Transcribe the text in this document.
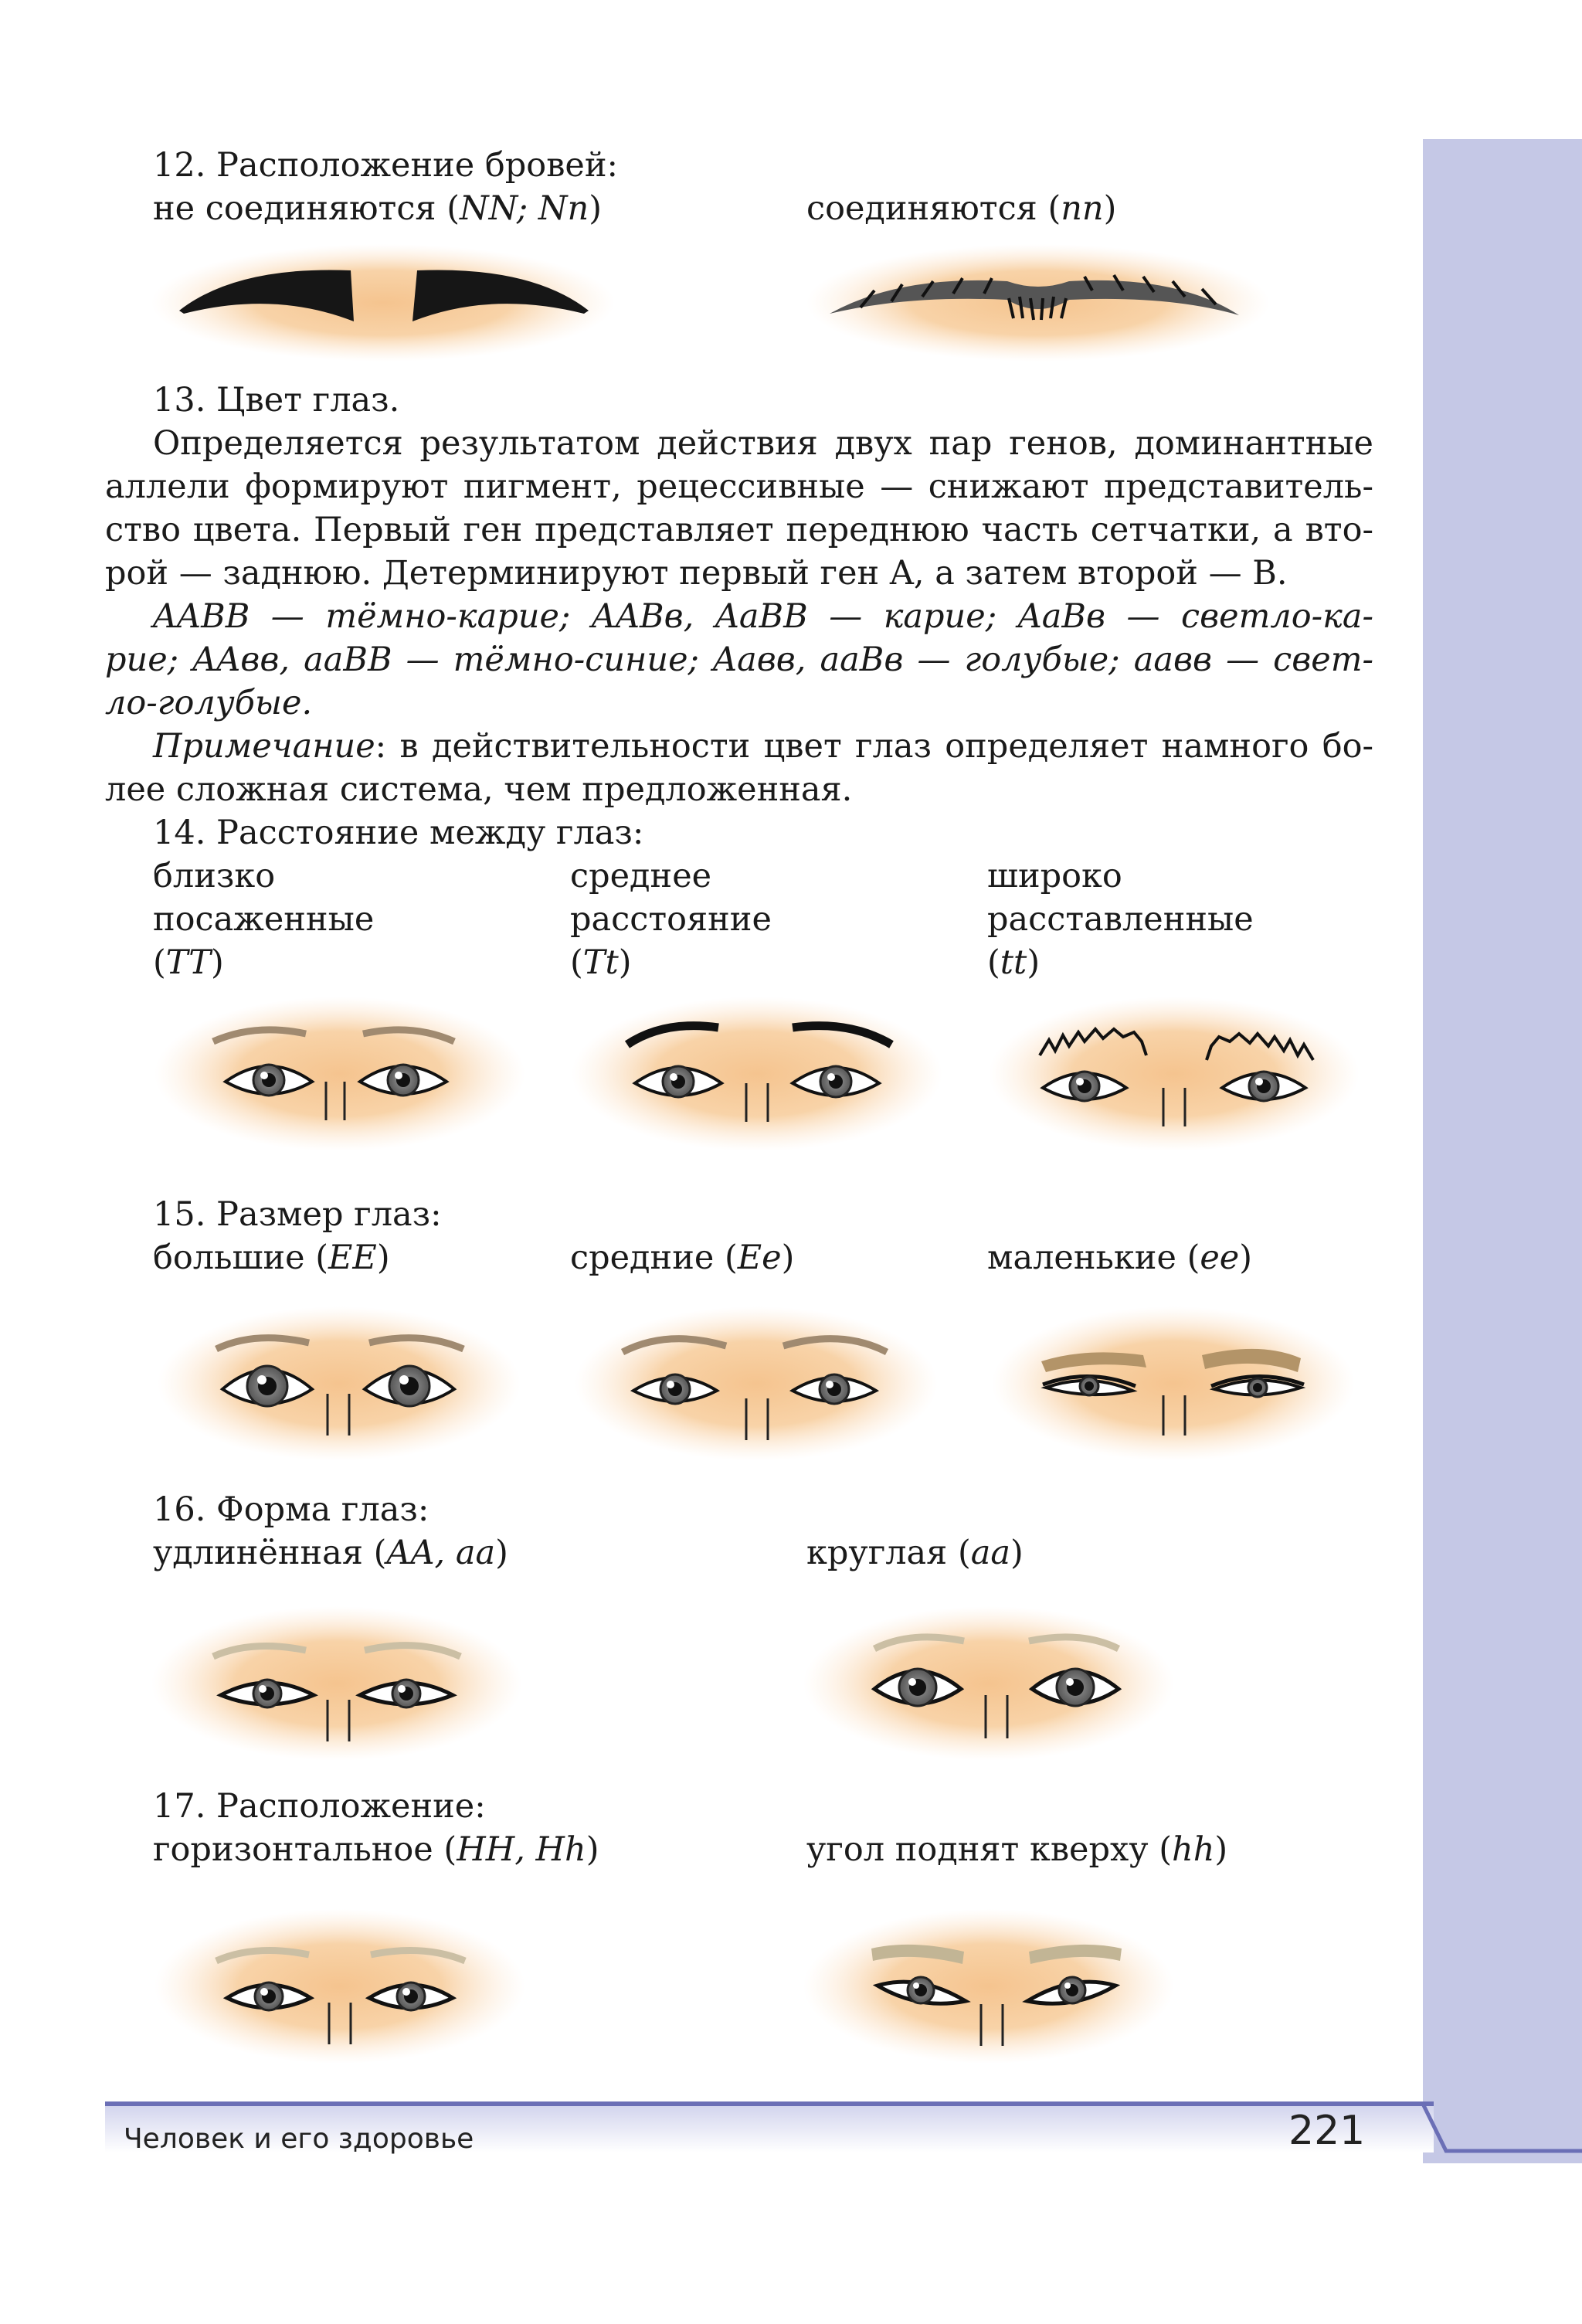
12. Расположение бровей:
не соединяются (NN; Nn)	соединяются (nn)
13. Цвет глаз.
Определяется результатом действия двух пар генов, доминантные
аллели формируют пигмент, рецессивные — снижают представитель-
ство цвета. Первый ген представляет переднюю часть сетчатки, а вто-
рой — заднюю. Детерминируют первый ген A, а затем второй — B.
AABB — тёмно-карие; AABв, AaBB — карие; AaBв — светло-ка-
рие; AAвв, aaBB — тёмно-синие; Aaвв, aaBв — голубые; aaвв — свет-
ло-голубые.
Примечание: в действительности цвет глаз определяет намного бо-
лее сложная система, чем предложенная.
14. Расстояние между глаз:
близко
посаженные
(TT)
среднее
расстояние
(Tt)
широко
расставленные
(tt)
15. Размер глаз:
большие (EE)	средние (Ee)	маленькие (ee)
16. Форма глаз:
удлинённая (AA, aa)	круглая (aa)
17. Расположение:
горизонтальное (HH, Hh)	угол поднят кверху (hh)
Человек и его здоровье	221
